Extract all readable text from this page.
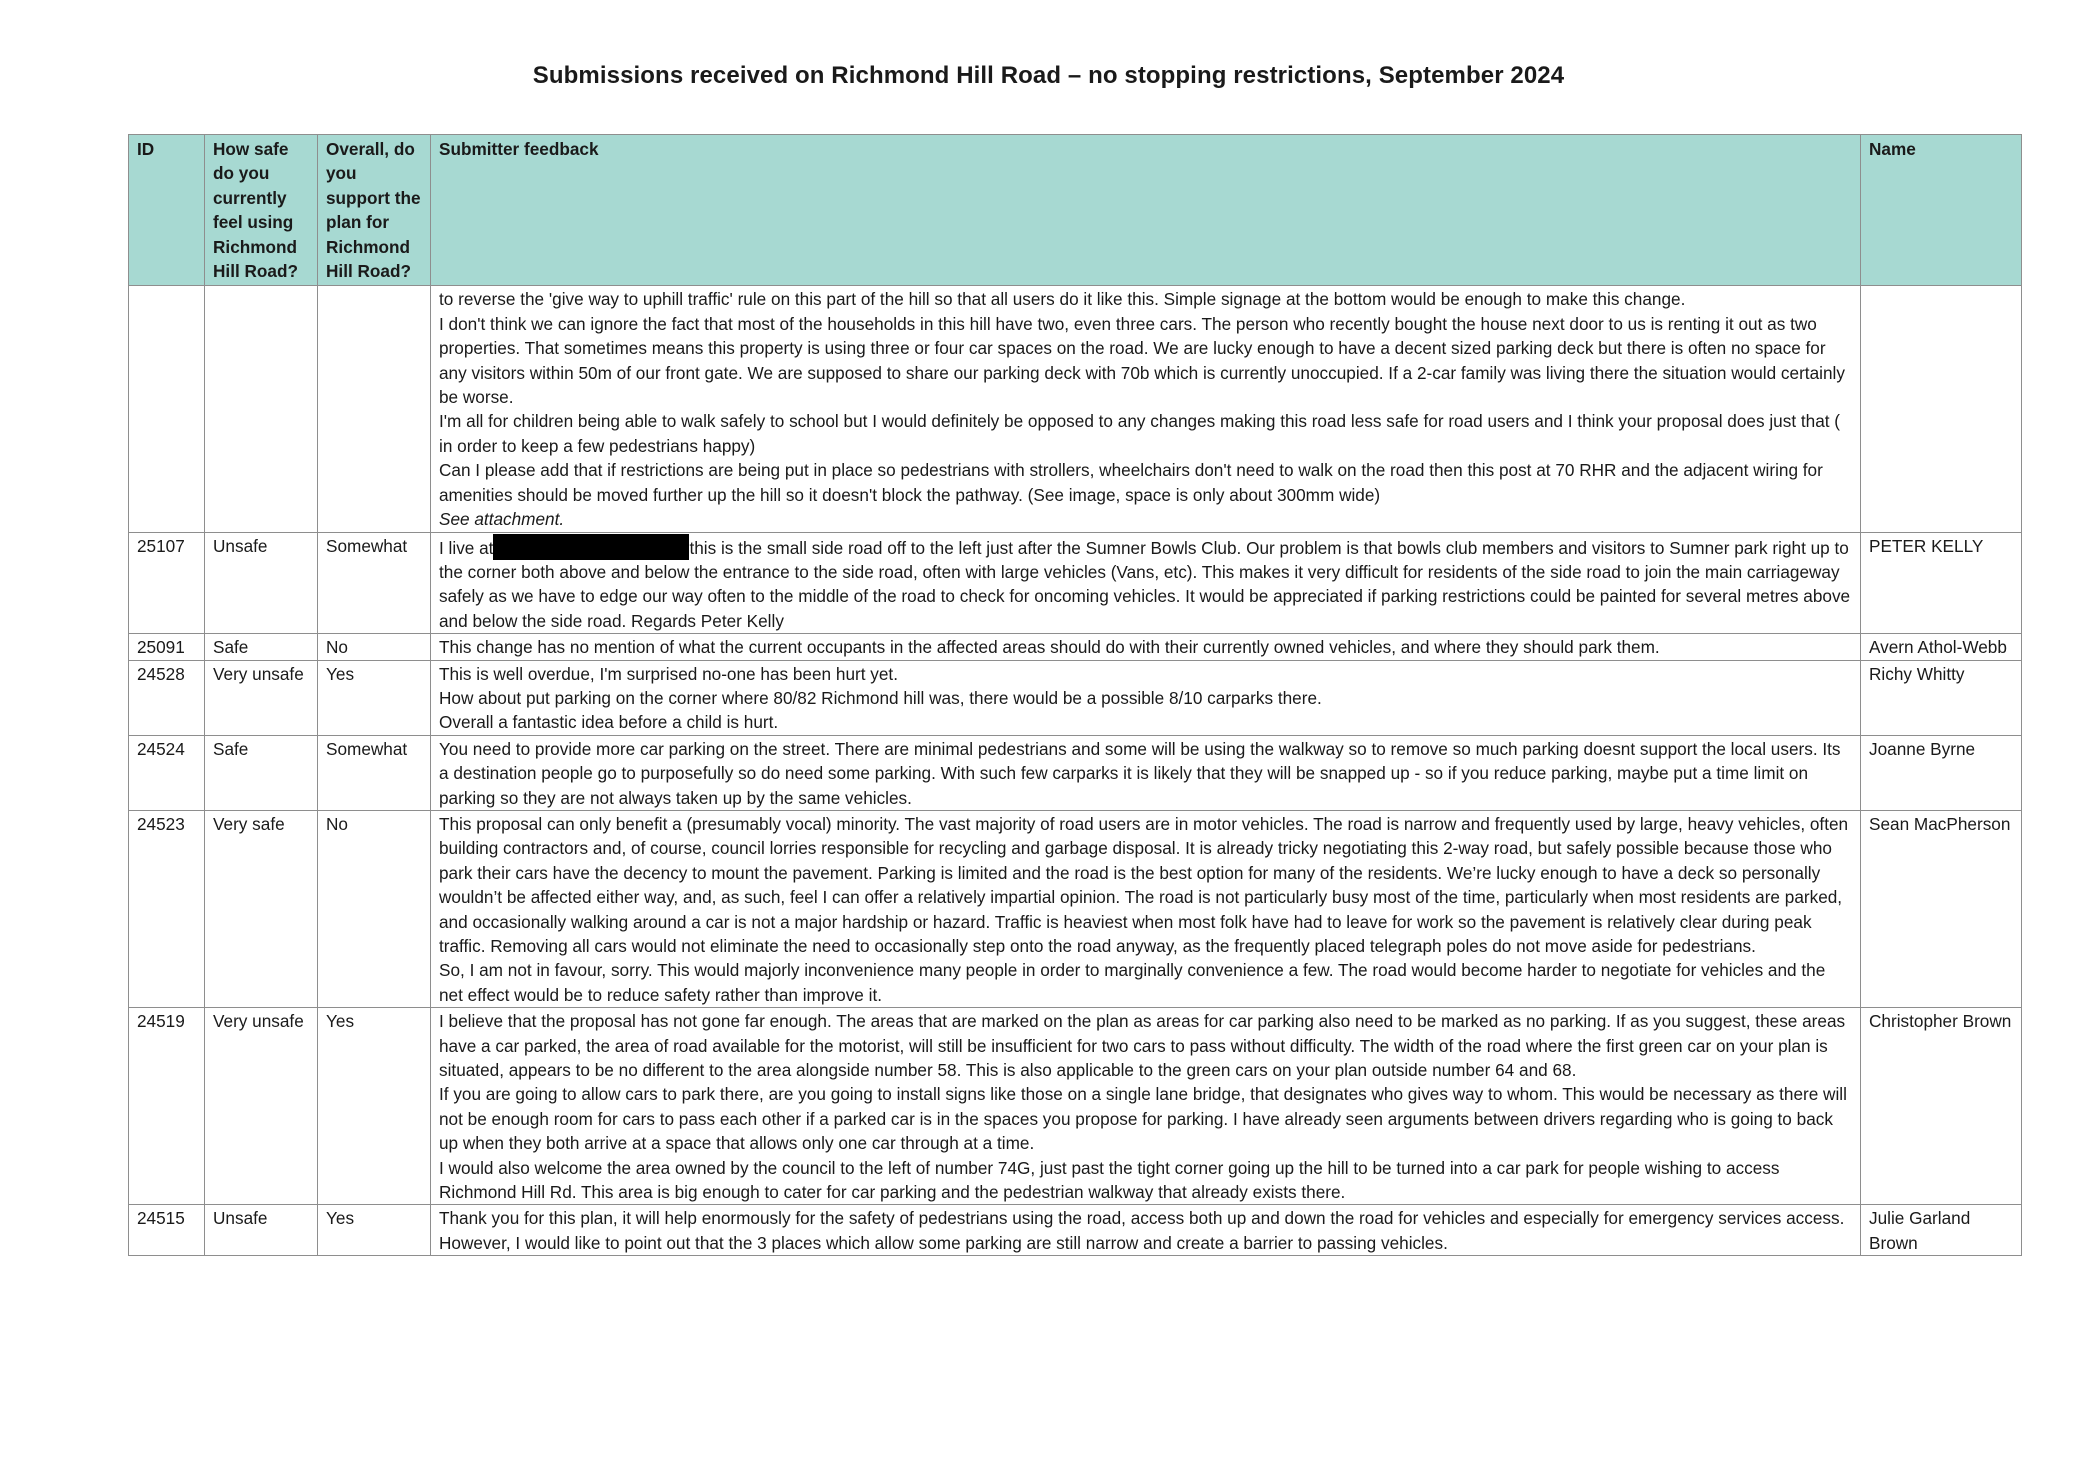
Submissions received on Richmond Hill Road – no stopping restrictions, September 2024
ID	How safe do you currently feel using Richmond Hill Road?	Overall, do you support the plan for Richmond Hill Road?	Submitter feedback	Name

			to reverse the 'give way to uphill traffic' rule on this part of the hill so that all users do it like this. Simple signage at the bottom would be enough to make this change.
I don't think we can ignore the fact that most of the households in this hill have two, even three cars. The person who recently bought the house next door to us is renting it out as two properties. That sometimes means this property is using three or four car spaces on the road. We are lucky enough to have a decent sized parking deck but there is often no space for any visitors within 50m of our front gate. We are supposed to share our parking deck with 70b which is currently unoccupied. If a 2-car family was living there the situation would certainly be worse.
I'm all for children being able to walk safely to school but I would definitely be opposed to any changes making this road less safe for road users and I think your proposal does just that ( in order to keep a few pedestrians happy)
Can I please add that if restrictions are being put in place so pedestrians with strollers, wheelchairs don't need to walk on the road then this post at 70 RHR and the adjacent wiring for amenities should be moved further up the hill so it doesn't block the pathway. (See image, space is only about 300mm wide)
See attachment.	

25107	Unsafe	Somewhat	I live at this is the small side road off to the left just after the Sumner Bowls Club. Our problem is that bowls club members and visitors to Sumner park right up to the corner both above and below the entrance to the side road, often with large vehicles (Vans, etc). This makes it very difficult for residents of the side road to join the main carriageway safely as we have to edge our way often to the middle of the road to check for oncoming vehicles. It would be appreciated if parking restrictions could be painted for several metres above and below the side road. Regards Peter Kelly	PETER KELLY
25091	Safe	No	This change has no mention of what the current occupants in the affected areas should do with their currently owned vehicles, and where they should park them.	Avern Athol-Webb
24528	Very unsafe	Yes	This is well overdue, I'm surprised no-one has been hurt yet.
How about put parking on the corner where 80/82 Richmond hill was, there would be a possible 8/10 carparks there.
Overall a fantastic idea before a child is hurt.	Richy Whitty
24524	Safe	Somewhat	You need to provide more car parking on the street. There are minimal pedestrians and some will be using the walkway so to remove so much parking doesnt support the local users. Its a destination people go to purposefully so do need some parking. With such few carparks it is likely that they will be snapped up - so if you reduce parking, maybe put a time limit on parking so they are not always taken up by the same vehicles.	Joanne Byrne
24523	Very safe	No	This proposal can only benefit a (presumably vocal) minority. The vast majority of road users are in motor vehicles. The road is narrow and frequently used by large, heavy vehicles, often building contractors and, of course, council lorries responsible for recycling and garbage disposal. It is already tricky negotiating this 2-way road, but safely possible because those who park their cars have the decency to mount the pavement. Parking is limited and the road is the best option for many of the residents. We’re lucky enough to have a deck so personally wouldn’t be affected either way, and, as such, feel I can offer a relatively impartial opinion. The road is not particularly busy most of the time, particularly when most residents are parked, and occasionally walking around a car is not a major hardship or hazard. Traffic is heaviest when most folk have had to leave for work so the pavement is relatively clear during peak traffic. Removing all cars would not eliminate the need to occasionally step onto the road anyway, as the frequently placed telegraph poles do not move aside for pedestrians.
So, I am not in favour, sorry. This would majorly inconvenience many people in order to marginally convenience a few. The road would become harder to negotiate for vehicles and the net effect would be to reduce safety rather than improve it.	Sean MacPherson
24519	Very unsafe	Yes	I believe that the proposal has not gone far enough. The areas that are marked on the plan as areas for car parking also need to be marked as no parking. If as you suggest, these areas have a car parked, the area of road available for the motorist, will still be insufficient for two cars to pass without difficulty. The width of the road where the first green car on your plan is situated, appears to be no different to the area alongside number 58. This is also applicable to the green cars on your plan outside number 64 and 68.
If you are going to allow cars to park there, are you going to install signs like those on a single lane bridge, that designates who gives way to whom. This would be necessary as there will not be enough room for cars to pass each other if a parked car is in the spaces you propose for parking. I have already seen arguments between drivers regarding who is going to back up when they both arrive at a space that allows only one car through at a time.
I would also welcome the area owned by the council to the left of number 74G, just past the tight corner going up the hill to be turned into a car park for people wishing to access Richmond Hill Rd. This area is big enough to cater for car parking and the pedestrian walkway that already exists there.	Christopher Brown
24515	Unsafe	Yes	Thank you for this plan, it will help enormously for the safety of pedestrians using the road, access both up and down the road for vehicles and especially for emergency services access.
However, I would like to point out that the 3 places which allow some parking are still narrow and create a barrier to passing vehicles.	Julie Garland Brown
